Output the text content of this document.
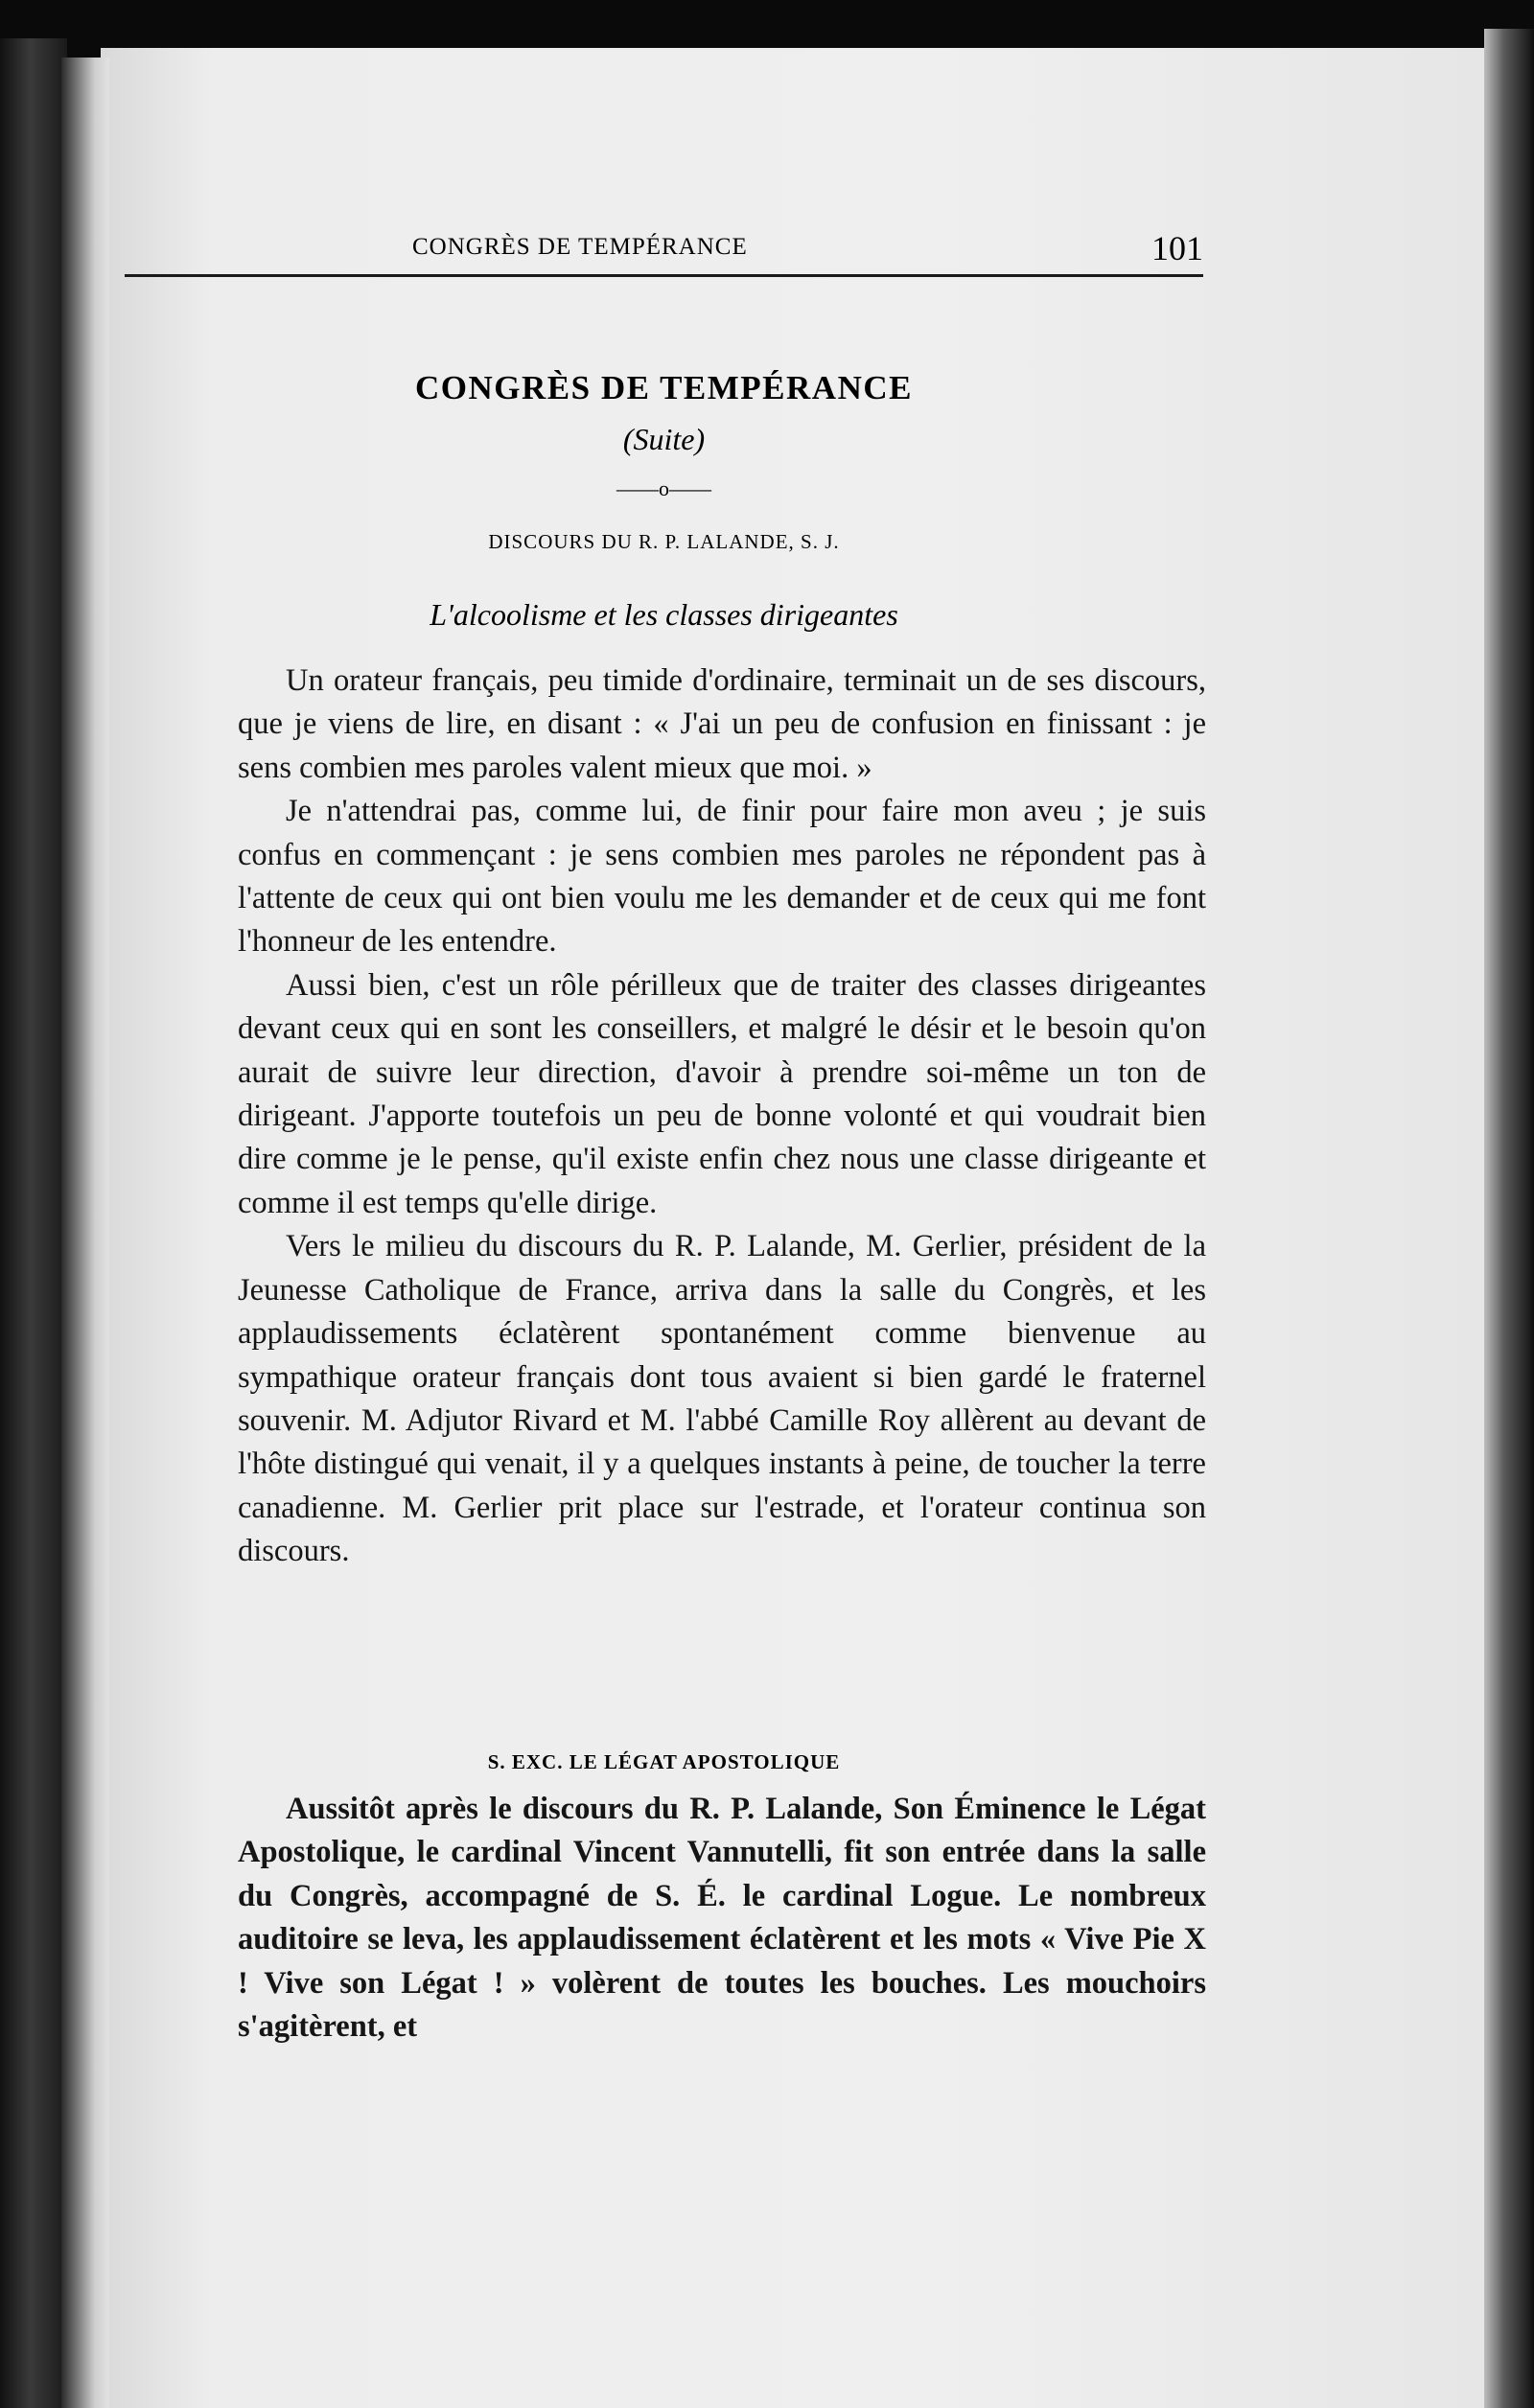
CONGRÈS DE TEMPÉRANCE	101
CONGRÈS DE TEMPÉRANCE
(Suite)
——o——
DISCOURS DU R. P. LALANDE, S. J.
L'alcoolisme et les classes dirigeantes

Un orateur français, peu timide d'ordinaire, terminait un de ses discours, que je viens de lire, en disant : « J'ai un peu de confusion en finissant : je sens combien mes paroles valent mieux que moi. »

Je n'attendrai pas, comme lui, de finir pour faire mon aveu ; je suis confus en commençant : je sens combien mes paroles ne répondent pas à l'attente de ceux qui ont bien voulu me les demander et de ceux qui me font l'honneur de les entendre.

Aussi bien, c'est un rôle périlleux que de traiter des classes dirigeantes devant ceux qui en sont les conseillers, et malgré le désir et le besoin qu'on aurait de suivre leur direction, d'avoir à prendre soi-même un ton de dirigeant. J'apporte toutefois un peu de bonne volonté et qui voudrait bien dire comme je le pense, qu'il existe enfin chez nous une classe dirigeante et comme il est temps qu'elle dirige.

Vers le milieu du discours du R. P. Lalande, M. Gerlier, président de la Jeunesse Catholique de France, arriva dans la salle du Congrès, et les applaudissements éclatèrent spontanément comme bienvenue au sympathique orateur français dont tous avaient si bien gardé le fraternel souvenir. M. Adjutor Rivard et M. l'abbé Camille Roy allèrent au devant de l'hôte distingué qui venait, il y a quelques instants à peine, de toucher la terre canadienne. M. Gerlier prit place sur l'estrade, et l'orateur continua son discours.

S. EXC. LE LÉGAT APOSTOLIQUE

Aussitôt après le discours du R. P. Lalande, Son Éminence le Légat Apostolique, le cardinal Vincent Vannutelli, fit son entrée dans la salle du Congrès, accompagné de S. É. le cardinal Logue. Le nombreux auditoire se leva, les applaudissement éclatèrent et les mots « Vive Pie X ! Vive son Légat ! » volèrent de toutes les bouches. Les mouchoirs s'agitèrent, et
